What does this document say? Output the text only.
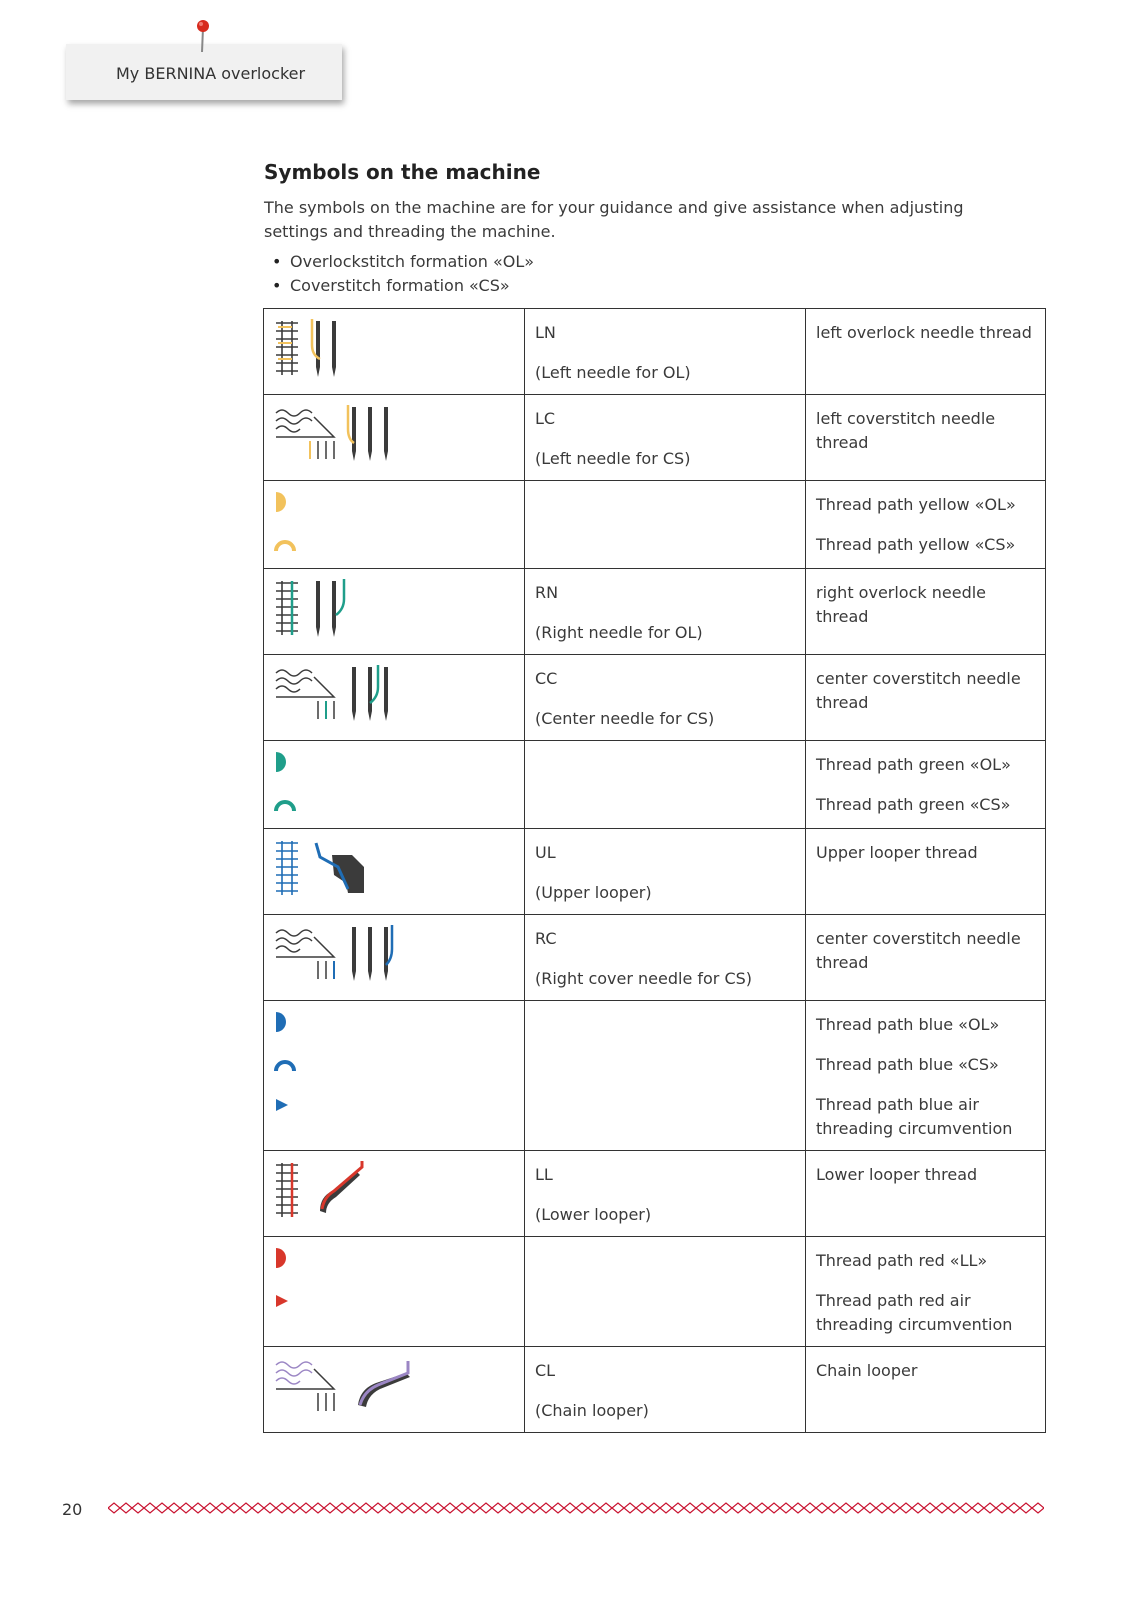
My BERNINA overlocker
Symbols on the machine

The symbols on the machine are for your guidance and give assistance when adjusting settings and threading the machine.

• Overlockstitch formation «OL»
• Coverstitch formation «CS»

LN
(Left needle for OL)	left overlock needle thread

LC
(Left needle for CS)	left coverstitch needle thread

Thread path yellow «OL»
Thread path yellow «CS»

RN
(Right needle for OL)	right overlock needle thread

CC
(Center needle for CS)	center coverstitch needle thread

Thread path green «OL»
Thread path green «CS»

UL
(Upper looper)	Upper looper thread

RC
(Right cover needle for CS)	center coverstitch needle thread

Thread path blue «OL»
Thread path blue «CS»
Thread path blue air threading circumvention

LL
(Lower looper)	Lower looper thread

Thread path red «LL»
Thread path red air threading circumvention

CL
(Chain looper)	Chain looper
20
